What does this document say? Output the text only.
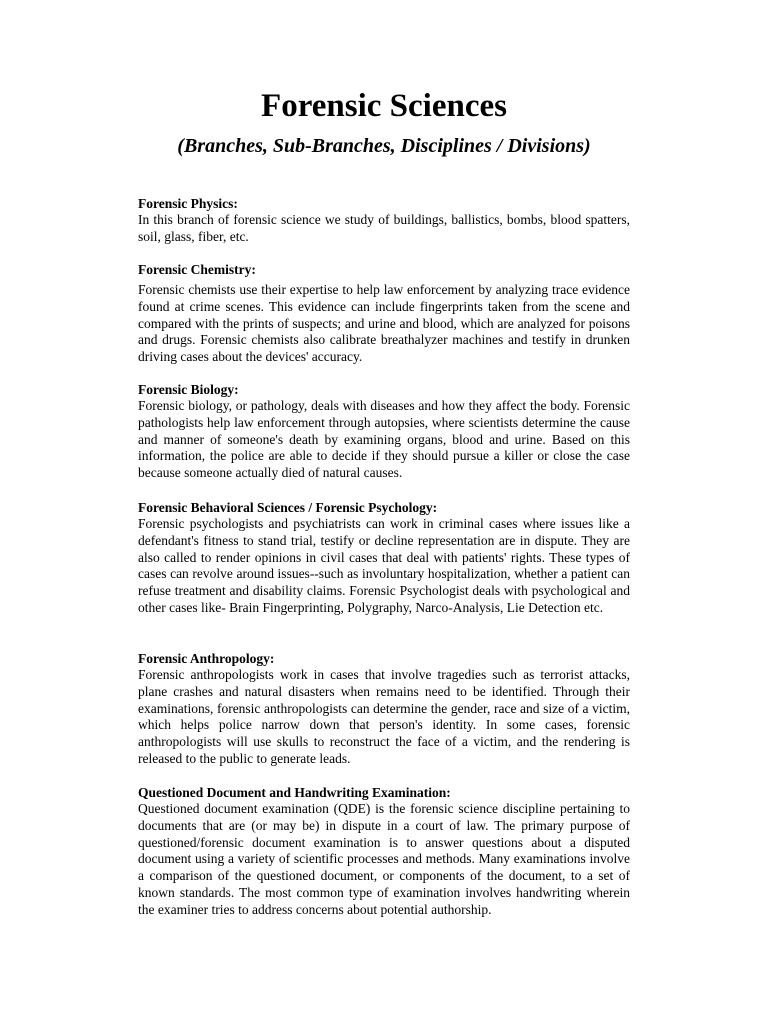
Forensic Sciences
(Branches, Sub-Branches, Disciplines / Divisions)
Forensic Physics:

In this branch of forensic science we study of buildings, ballistics, bombs, blood spatters, soil, glass, fiber, etc.

Forensic Chemistry:

Forensic chemists use their expertise to help law enforcement by analyzing trace evidence found at crime scenes. This evidence can include fingerprints taken from the scene and compared with the prints of suspects; and urine and blood, which are analyzed for poisons and drugs. Forensic chemists also calibrate breathalyzer machines and testify in drunken driving cases about the devices' accuracy.

Forensic Biology:

Forensic biology, or pathology, deals with diseases and how they affect the body. Forensic pathologists help law enforcement through autopsies, where scientists determine the cause and manner of someone's death by examining organs, blood and urine. Based on this information, the police are able to decide if they should pursue a killer or close the case because someone actually died of natural causes.

Forensic Behavioral Sciences / Forensic Psychology:

Forensic psychologists and psychiatrists can work in criminal cases where issues like a defendant's fitness to stand trial, testify or decline representation are in dispute. They are also called to render opinions in civil cases that deal with patients' rights. These types of cases can revolve around issues--such as involuntary hospitalization, whether a patient can refuse treatment and disability claims. Forensic Psychologist deals with psychological and other cases like- Brain Fingerprinting, Polygraphy, Narco-Analysis, Lie Detection etc.

Forensic Anthropology:

Forensic anthropologists work in cases that involve tragedies such as terrorist attacks, plane crashes and natural disasters when remains need to be identified. Through their examinations, forensic anthropologists can determine the gender, race and size of a victim, which helps police narrow down that person's identity. In some cases, forensic anthropologists will use skulls to reconstruct the face of a victim, and the rendering is released to the public to generate leads.

Questioned Document and Handwriting Examination:

Questioned document examination (QDE) is the forensic science discipline pertaining to documents that are (or may be) in dispute in a court of law. The primary purpose of questioned/forensic document examination is to answer questions about a disputed document using a variety of scientific processes and methods. Many examinations involve a comparison of the questioned document, or components of the document, to a set of known standards. The most common type of examination involves handwriting wherein the examiner tries to address concerns about potential authorship.
